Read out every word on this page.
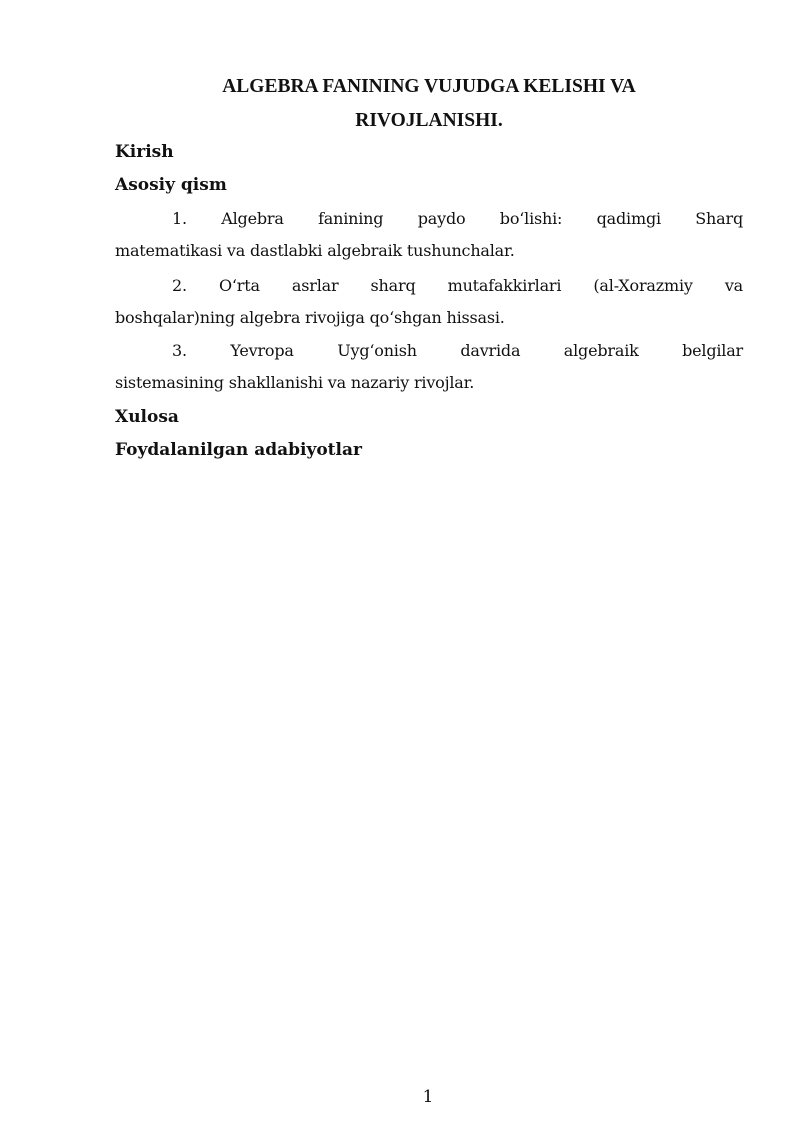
ALGEBRA FANINING VUJUDGA KELISHI VA
RIVOJLANISHI.
Kirish
Asosiy qism
1. Algebra fanining paydo bo‘lishi: qadimgi Sharq
matematikasi va dastlabki algebraik tushunchalar.
2. O‘rta asrlar sharq mutafakkirlari (al-Xorazmiy va
boshqalar)ning algebra rivojiga qo‘shgan hissasi.
3. Yevropa Uyg‘onish davrida algebraik belgilar
sistemasining shakllanishi va nazariy rivojlar.
Xulosa
Foydalanilgan adabiyotlar
1
